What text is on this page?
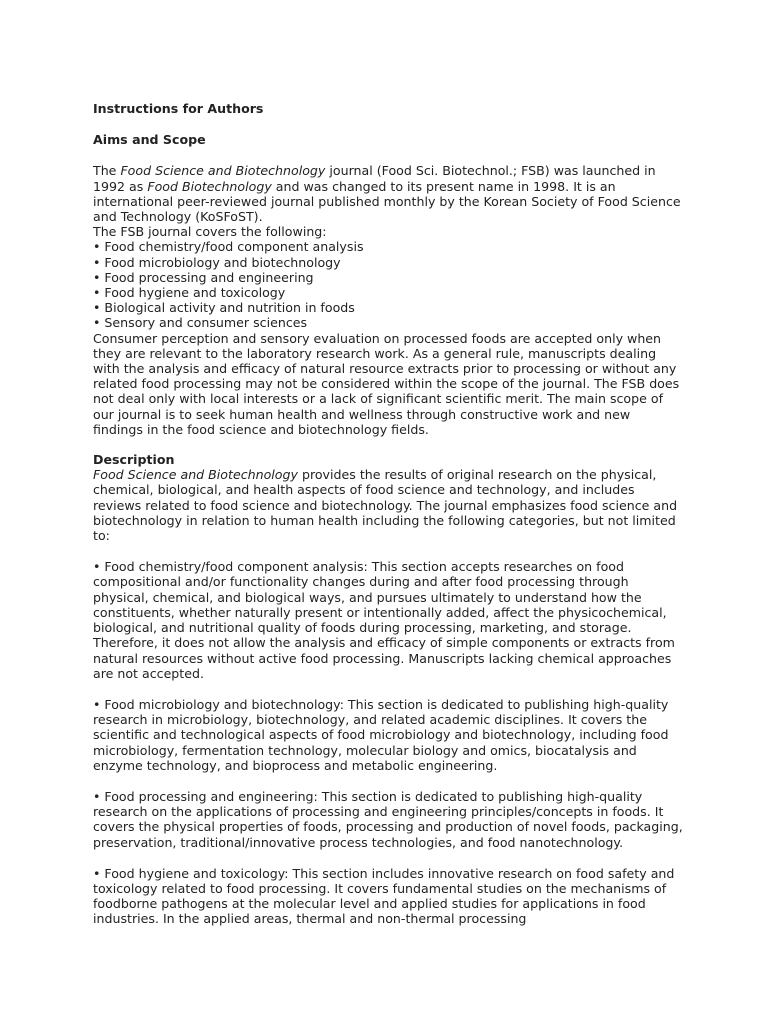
Instructions for Authors

Aims and Scope

The Food Science and Biotechnology journal (Food Sci. Biotechnol.; FSB) was launched in 1992 as Food Biotechnology and was changed to its present name in 1998. It is an international peer-reviewed journal published monthly by the Korean Society of Food Science and Technology (KoSFoST).

The FSB journal covers the following:

• Food chemistry/food component analysis
• Food microbiology and biotechnology
• Food processing and engineering
• Food hygiene and toxicology
• Biological activity and nutrition in foods
• Sensory and consumer sciences

Consumer perception and sensory evaluation on processed foods are accepted only when they are relevant to the laboratory research work. As a general rule, manuscripts dealing with the analysis and efficacy of natural resource extracts prior to processing or without any related food processing may not be considered within the scope of the journal. The FSB does not deal only with local interests or a lack of significant scientific merit. The main scope of our journal is to seek human health and wellness through constructive work and new findings in the food science and biotechnology fields.

Description

Food Science and Biotechnology provides the results of original research on the physical, chemical, biological, and health aspects of food science and technology, and includes reviews related to food science and biotechnology. The journal emphasizes food science and biotechnology in relation to human health including the following categories, but not limited to:

• Food chemistry/food component analysis: This section accepts researches on food compositional and/or functionality changes during and after food processing through physical, chemical, and biological ways, and pursues ultimately to understand how the constituents, whether naturally present or intentionally added, affect the physicochemical, biological, and nutritional quality of foods during processing, marketing, and storage. Therefore, it does not allow the analysis and efficacy of simple components or extracts from natural resources without active food processing. Manuscripts lacking chemical approaches are not accepted.

• Food microbiology and biotechnology: This section is dedicated to publishing high-quality research in microbiology, biotechnology, and related academic disciplines. It covers the scientific and technological aspects of food microbiology and biotechnology, including food microbiology, fermentation technology, molecular biology and omics, biocatalysis and enzyme technology, and bioprocess and metabolic engineering.

• Food processing and engineering: This section is dedicated to publishing high-quality research on the applications of processing and engineering principles/concepts in foods. It covers the physical properties of foods, processing and production of novel foods, packaging, preservation, traditional/innovative process technologies, and food nanotechnology.

• Food hygiene and toxicology: This section includes innovative research on food safety and toxicology related to food processing. It covers fundamental studies on the mechanisms of foodborne pathogens at the molecular level and applied studies for applications in food industries. In the applied areas, thermal and non-thermal processing
